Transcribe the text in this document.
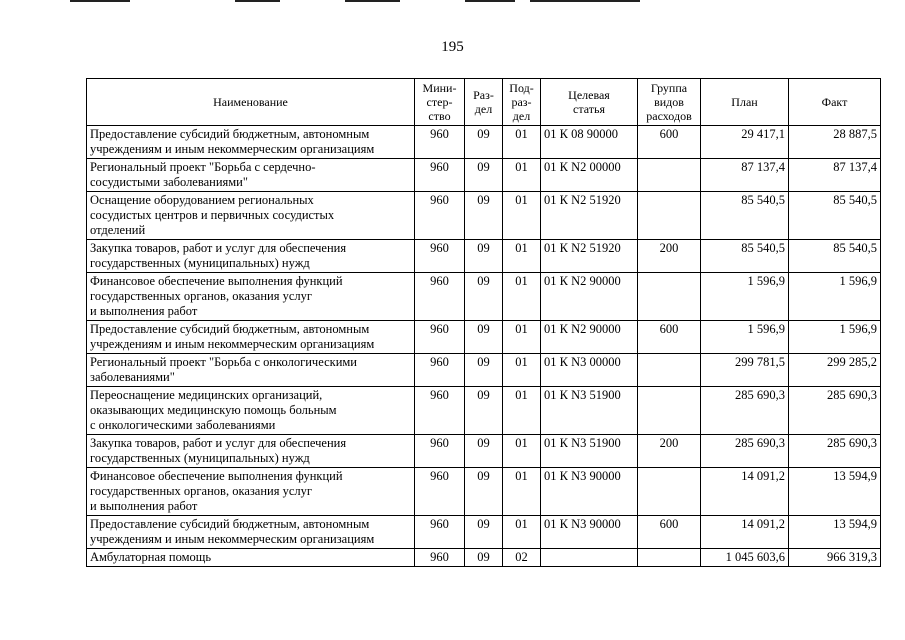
195
Наименование	Мини-
стер-
ство	Раз-
дел	Под-
раз-
дел	Целевая
статья	Группа
видов
расходов	План	Факт

Предоставление субсидий бюджетным, автономным
учреждениям и иным некоммерческим организациям	960	09	01	01 К 08 90000	600	29 417,1	28 887,5

Региональный проект "Борьба с сердечно-
сосудистыми заболеваниями"	960	09	01	01 К N2 00000		87 137,4	87 137,4

Оснащение оборудованием региональных
сосудистых центров и первичных сосудистых
отделений	960	09	01	01 К N2 51920		85 540,5	85 540,5

Закупка товаров, работ и услуг для обеспечения
государственных (муниципальных) нужд	960	09	01	01 К N2 51920	200	85 540,5	85 540,5

Финансовое обеспечение выполнения функций
государственных органов, оказания услуг
и выполнения работ	960	09	01	01 К N2 90000		1 596,9	1 596,9

Предоставление субсидий бюджетным, автономным
учреждениям и иным некоммерческим организациям	960	09	01	01 К N2 90000	600	1 596,9	1 596,9

Региональный проект "Борьба с онкологическими
заболеваниями"	960	09	01	01 К N3 00000		299 781,5	299 285,2

Переоснащение медицинских организаций,
оказывающих медицинскую помощь больным
с онкологическими заболеваниями	960	09	01	01 К N3 51900		285 690,3	285 690,3

Закупка товаров, работ и услуг для обеспечения
государственных (муниципальных) нужд	960	09	01	01 К N3 51900	200	285 690,3	285 690,3

Финансовое обеспечение выполнения функций
государственных органов, оказания услуг
и выполнения работ	960	09	01	01 К N3 90000		14 091,2	13 594,9

Предоставление субсидий бюджетным, автономным
учреждениям и иным некоммерческим организациям	960	09	01	01 К N3 90000	600	14 091,2	13 594,9

Амбулаторная помощь	960	09	02			1 045 603,6	966 319,3
